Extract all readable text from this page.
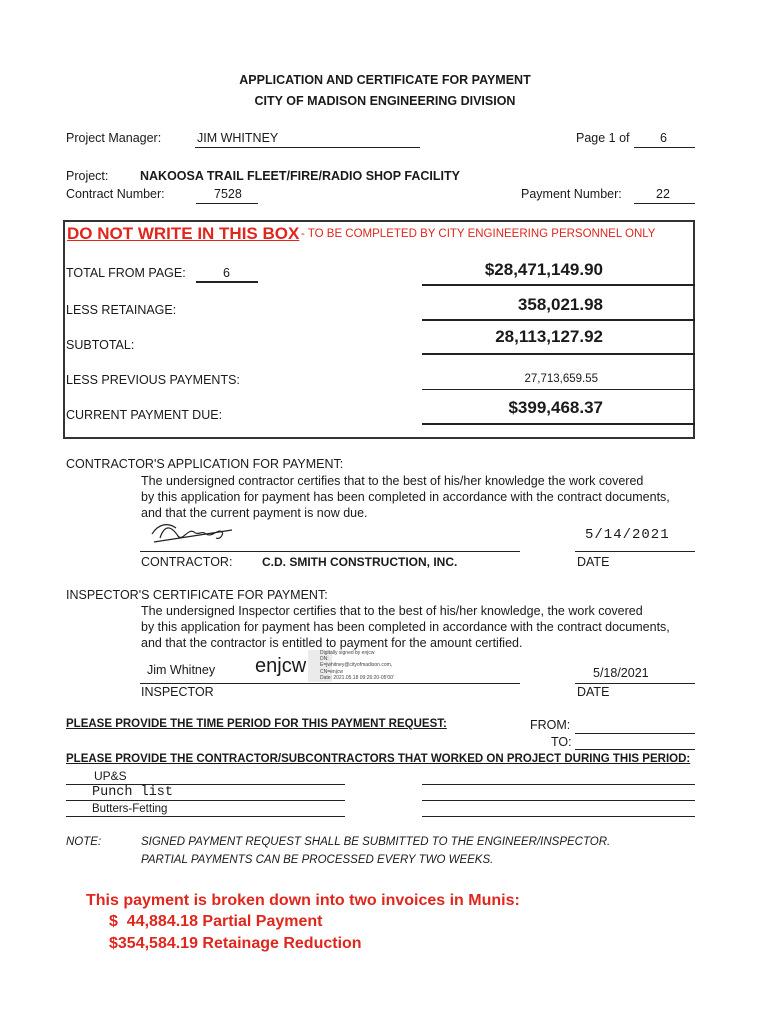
APPLICATION AND CERTIFICATE FOR PAYMENT
CITY OF MADISON ENGINEERING DIVISION
Project Manager:	JIM WHITNEY	Page 1 of 6
Project:	NAKOOSA TRAIL FLEET/FIRE/RADIO SHOP FACILITY
Contract Number:	7528	Payment Number:	22
DO NOT WRITE IN THIS BOX - TO BE COMPLETED BY CITY ENGINEERING PERSONNEL ONLY
TOTAL FROM PAGE:	6	$28,471,149.90
LESS RETAINAGE:	358,021.98
SUBTOTAL:	28,113,127.92
LESS PREVIOUS PAYMENTS:	27,713,659.55
CURRENT PAYMENT DUE:	$399,468.37
CONTRACTOR'S APPLICATION FOR PAYMENT:
The undersigned contractor certifies that to the best of his/her knowledge the work covered
by this application for payment has been completed in accordance with the contract documents,
and that the current payment is now due.
5/14/2021
CONTRACTOR: C.D. SMITH CONSTRUCTION, INC.	DATE
INSPECTOR'S CERTIFICATE FOR PAYMENT:
The undersigned Inspector certifies that to the best of his/her knowledge, the work covered
by this application for payment has been completed in accordance with the contract documents,
and that the contractor is entitled to payment for the amount certified.
Jim Whitney enjcw
Digitally signed by enjcw
DN:
E=jwhitney@cityofmadison.com,
CN=enjcw
Date: 2021.05.18 09:26:20-05'00'	5/18/2021
INSPECTOR	DATE
PLEASE PROVIDE THE TIME PERIOD FOR THIS PAYMENT REQUEST:	FROM:
TO:
PLEASE PROVIDE THE CONTRACTOR/SUBCONTRACTORS THAT WORKED ON PROJECT DURING THIS PERIOD:
UP&S
Punch list
Butters-Fetting
NOTE:	SIGNED PAYMENT REQUEST SHALL BE SUBMITTED TO THE ENGINEER/INSPECTOR.
PARTIAL PAYMENTS CAN BE PROCESSED EVERY TWO WEEKS.
This payment is broken down into two invoices in Munis:
$  44,884.18 Partial Payment
$354,584.19 Retainage Reduction
